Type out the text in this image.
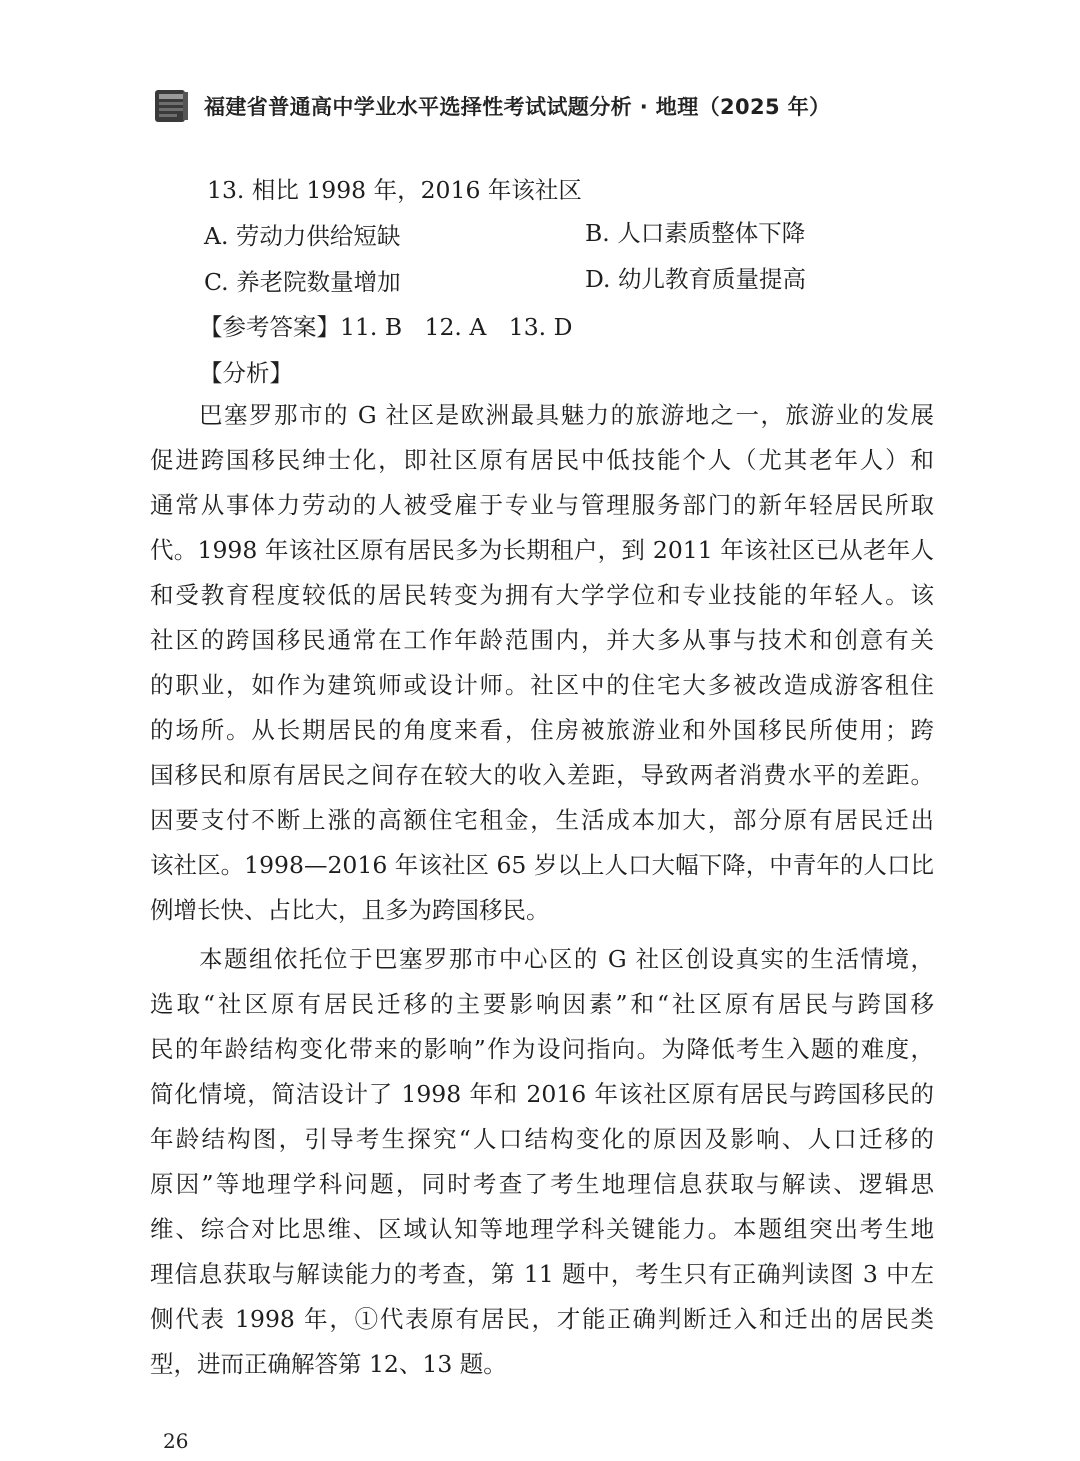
福建省普通高中学业水平选择性考试试题分析 · 地理（2025 年）
13. 相比 1998 年，2016 年该社区
A. 劳动力供给短缺	B. 人口素质整体下降
C. 养老院数量增加	D. 幼儿教育质量提高
【参考答案】11. B   12. A   13. D
【分析】
巴塞罗那市的 G 社区是欧洲最具魅力的旅游地之一，旅游业的发展
促进跨国移民绅士化，即社区原有居民中低技能个人（尤其老年人）和
通常从事体力劳动的人被受雇于专业与管理服务部门的新年轻居民所取
代。1998 年该社区原有居民多为长期租户，到 2011 年该社区已从老年人
和受教育程度较低的居民转变为拥有大学学位和专业技能的年轻人。该
社区的跨国移民通常在工作年龄范围内，并大多从事与技术和创意有关
的职业，如作为建筑师或设计师。社区中的住宅大多被改造成游客租住
的场所。从长期居民的角度来看，住房被旅游业和外国移民所使用；跨
国移民和原有居民之间存在较大的收入差距，导致两者消费水平的差距。
因要支付不断上涨的高额住宅租金，生活成本加大，部分原有居民迁出
该社区。1998—2016 年该社区 65 岁以上人口大幅下降，中青年的人口比
例增长快、占比大，且多为跨国移民。
本题组依托位于巴塞罗那市中心区的 G 社区创设真实的生活情境，
选取“社区原有居民迁移的主要影响因素”和“社区原有居民与跨国移
民的年龄结构变化带来的影响”作为设问指向。为降低考生入题的难度，
简化情境，简洁设计了 1998 年和 2016 年该社区原有居民与跨国移民的
年龄结构图，引导考生探究“人口结构变化的原因及影响、人口迁移的
原因”等地理学科问题，同时考查了考生地理信息获取与解读、逻辑思
维、综合对比思维、区域认知等地理学科关键能力。本题组突出考生地
理信息获取与解读能力的考查，第 11 题中，考生只有正确判读图 3 中左
侧代表 1998 年，①代表原有居民，才能正确判断迁入和迁出的居民类
型，进而正确解答第 12、13 题。
26
